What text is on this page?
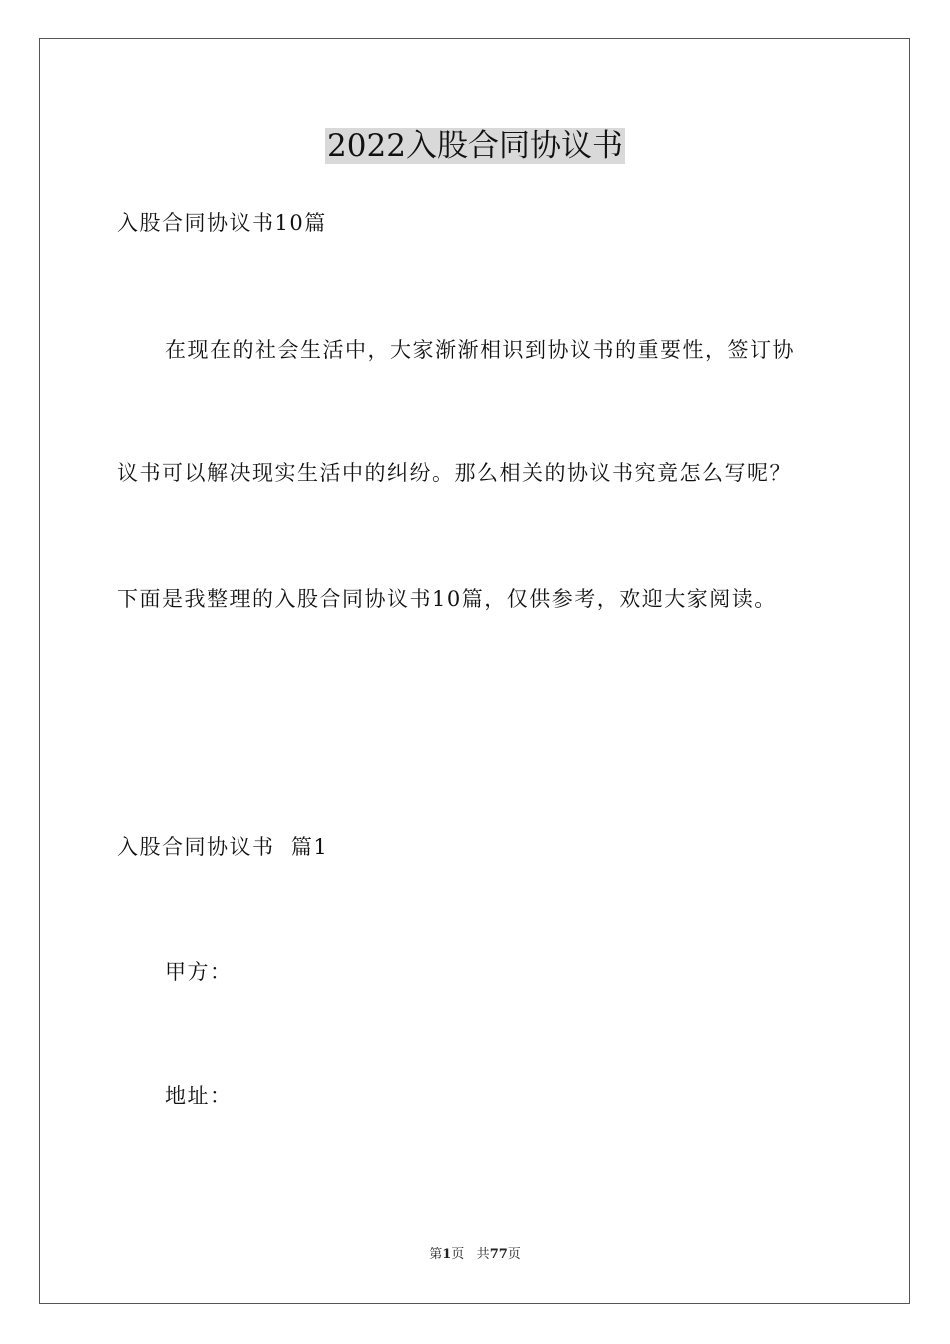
2022入股合同协议书
入股合同协议书10篇
在现在的社会生活中，大家渐渐相识到协议书的重要性，签订协
议书可以解决现实生活中的纠纷。那么相关的协议书究竟怎么写呢？
下面是我整理的入股合同协议书10篇，仅供参考，欢迎大家阅读。
入股合同协议书  篇1
甲方：
地址：
第1页 共77页
